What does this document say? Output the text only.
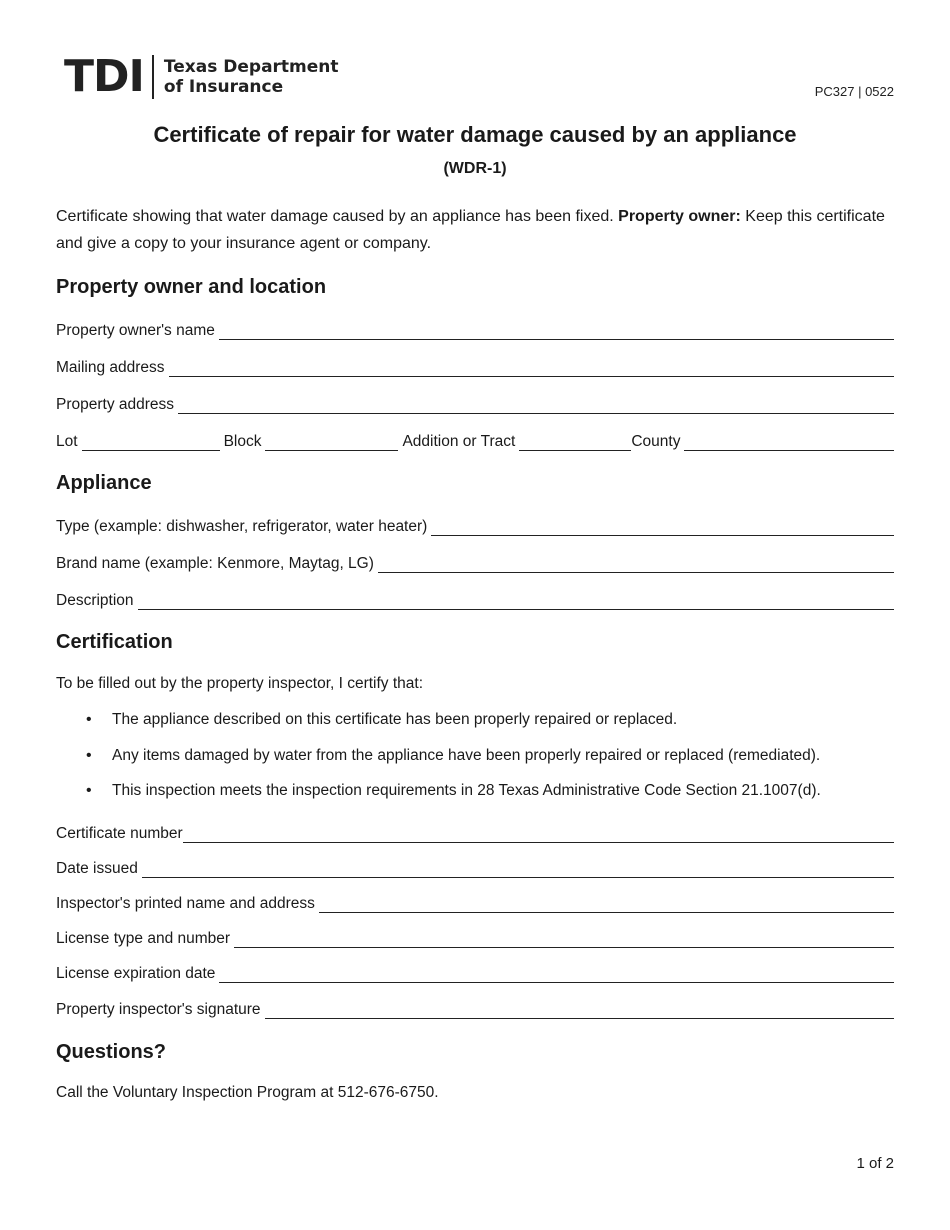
TDI Texas Department
of Insurance	PC327 | 0522
Certificate of repair for water damage caused by an appliance
(WDR-1)
Certificate showing that water damage caused by an appliance has been fixed. Property owner: Keep this certificate and give a copy to your insurance agent or company.
Property owner and location
Property owner's name
Mailing address
Property address
Lot	Block	Addition or Tract	County
Appliance
Type (example: dishwasher, refrigerator, water heater)
Brand name (example: Kenmore, Maytag, LG)
Description
Certification
To be filled out by the property inspector, I certify that:
• The appliance described on this certificate has been properly repaired or replaced.
• Any items damaged by water from the appliance have been properly repaired or replaced (remediated).
• This inspection meets the inspection requirements in 28 Texas Administrative Code Section 21.1007(d).
Certificate number
Date issued
Inspector's printed name and address
License type and number
License expiration date
Property inspector's signature
Questions?
Call the Voluntary Inspection Program at 512-676-6750.
1 of 2
